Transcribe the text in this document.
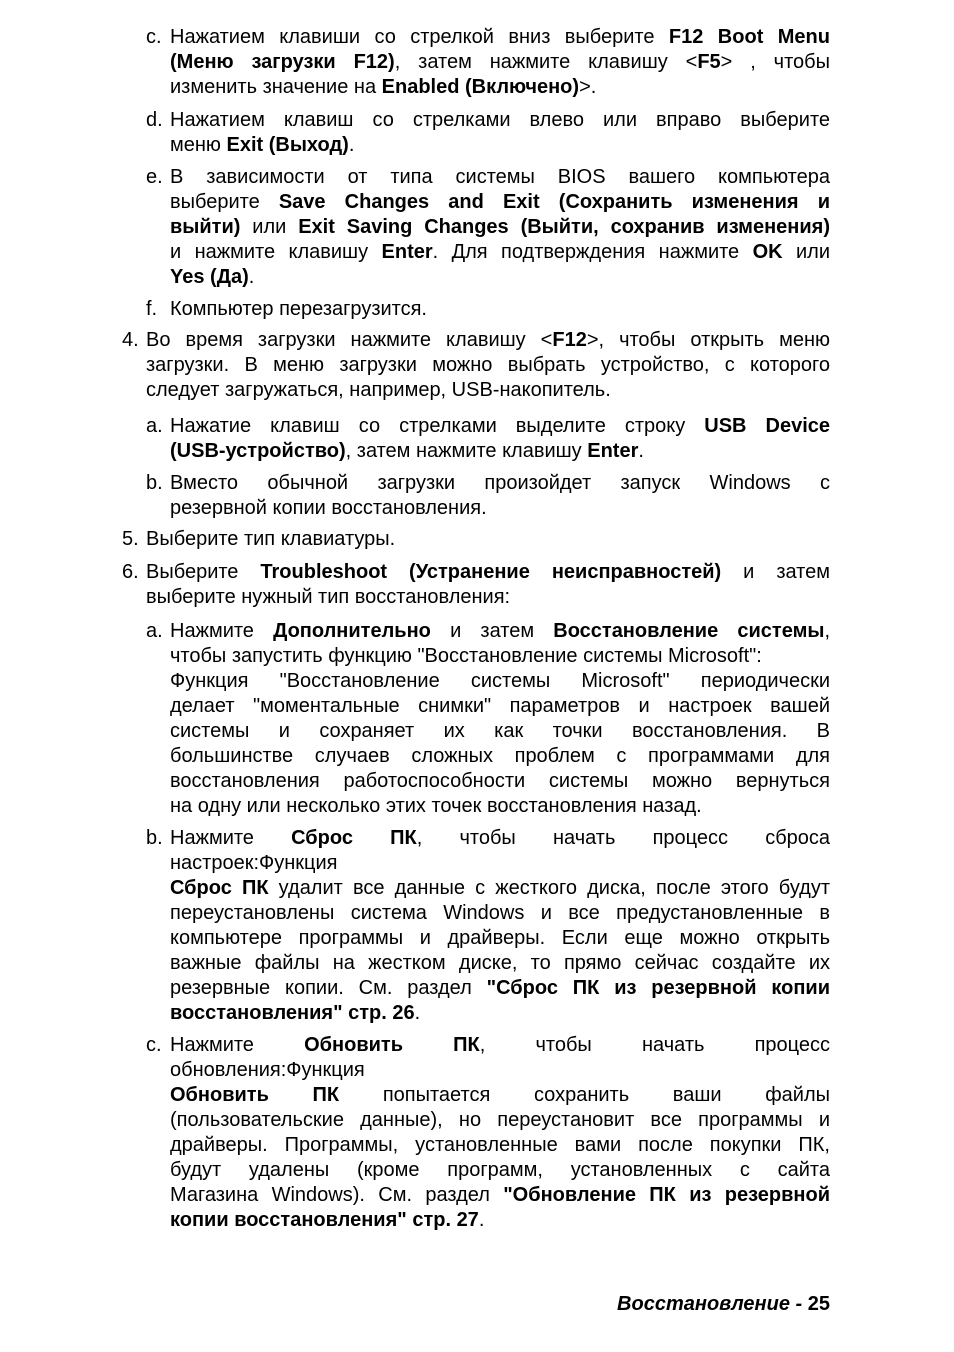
c. Нажатием клавиши со стрелкой вниз выберите F12 Boot Menu
(Меню загрузки F12), затем нажмите клавишу <F5> , чтобы
изменить значение на Enabled (Включено)>.
d. Нажатием клавиш со стрелками влево или вправо выберите
меню Exit (Выход).
e. В зависимости от типа системы BIOS вашего компьютера
выберите Save Changes and Exit (Сохранить изменения и
выйти) или Exit Saving Changes (Выйти, сохранив изменения)
и нажмите клавишу Enter. Для подтверждения нажмите OK или
Yes (Да).
f. Компьютер перезагрузится.
4. Во время загрузки нажмите клавишу <F12>, чтобы открыть меню
загрузки. В меню загрузки можно выбрать устройство, с которого
следует загружаться, например, USB-накопитель.
a. Нажатие клавиш со стрелками выделите строку USB Device
(USB-устройство), затем нажмите клавишу Enter.
b. Вместо обычной загрузки произойдет запуск Windows с
резервной копии восстановления.
5. Выберите тип клавиатуры.
6. Выберите Troubleshoot (Устранение неисправностей) и затем
выберите нужный тип восстановления:
a. Нажмите Дополнительно и затем Восстановление системы,
чтобы запустить функцию "Восстановление системы Microsoft":
Функция "Восстановление системы Microsoft" периодически
делает "моментальные снимки" параметров и настроек вашей
системы и сохраняет их как точки восстановления. В
большинстве случаев сложных проблем с программами для
восстановления работоспособности системы можно вернуться
на одну или несколько этих точек восстановления назад.
b. Нажмите Сброс ПК, чтобы начать процесс сброса
настроек:Функция
Сброс ПК удалит все данные с жесткого диска, после этого будут
переустановлены система Windows и все предустановленные в
компьютере программы и драйверы. Если еще можно открыть
важные файлы на жестком диске, то прямо сейчас создайте их
резервные копии. См. раздел "Сброс ПК из резервной копии
восстановления" стр. 26.
c. Нажмите Обновить ПК, чтобы начать процесс
обновления:Функция
Обновить ПК попытается сохранить ваши файлы
(пользовательские данные), но переустановит все программы и
драйверы. Программы, установленные вами после покупки ПК,
будут удалены (кроме программ, установленных с сайта
Магазина Windows). См. раздел "Обновление ПК из резервной
копии восстановления" стр. 27.
Восстановление - 25
